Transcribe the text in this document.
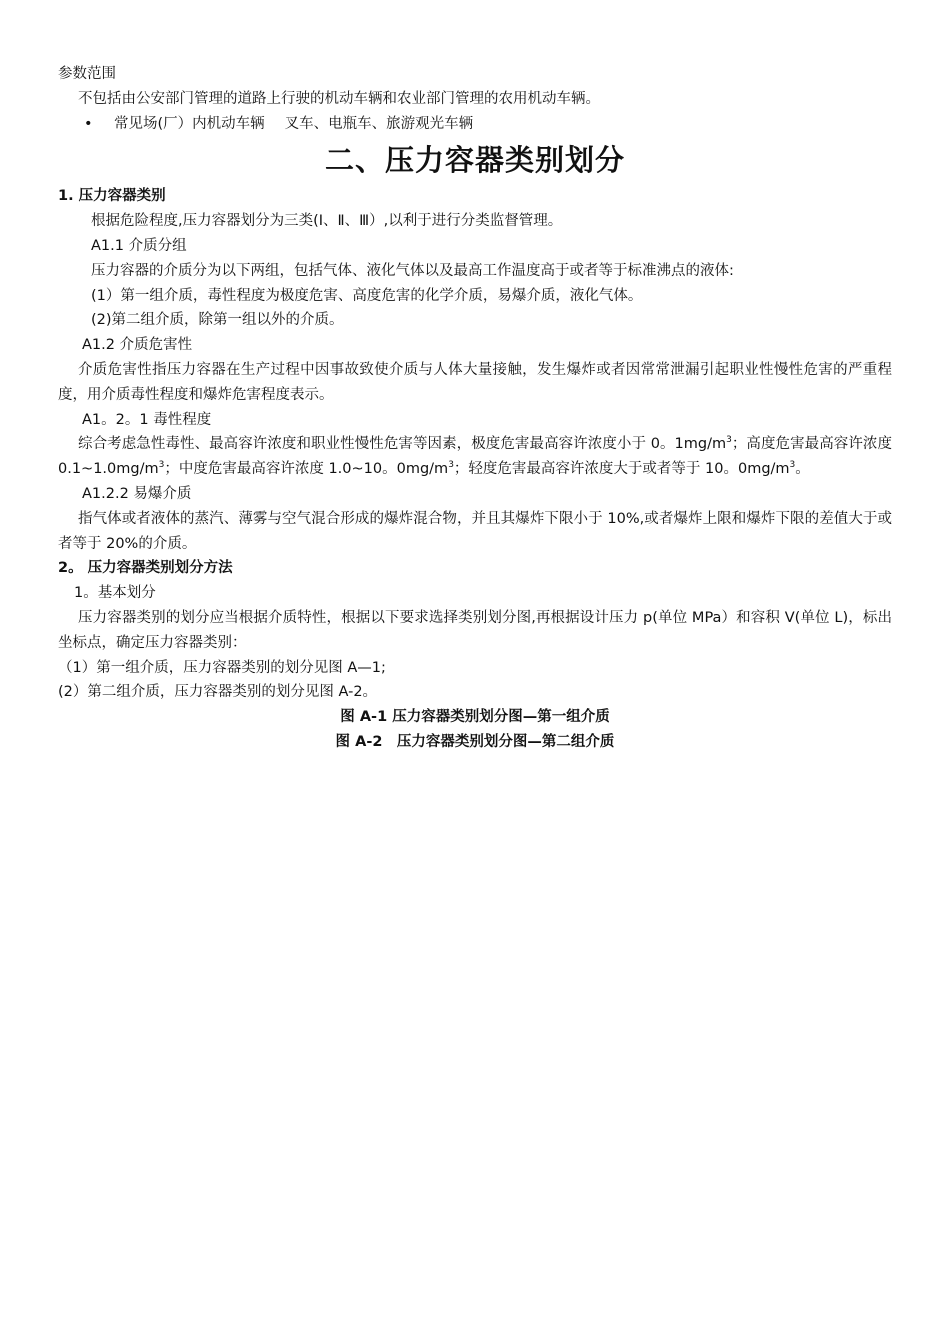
参数范围
不包括由公安部门管理的道路上行驶的机动车辆和农业部门管理的农用机动车辆。
• 常见场(厂）内机动车辆 叉车、电瓶车、旅游观光车辆
二、压力容器类别划分
1. 压力容器类别
根据危险程度,压力容器划分为三类(Ⅰ、Ⅱ、Ⅲ）,以利于进行分类监督管理。
A1.1 介质分组
压力容器的介质分为以下两组，包括气体、液化气体以及最高工作温度高于或者等于标准沸点的液体:
(1）第一组介质，毒性程度为极度危害、高度危害的化学介质，易爆介质，液化气体。
(2)第二组介质，除第一组以外的介质。
A1.2 介质危害性
介质危害性指压力容器在生产过程中因事故致使介质与人体大量接触，发生爆炸或者因常常泄漏引起职业性慢性危害的严重程度，用介质毒性程度和爆炸危害程度表示。
A1。2。1 毒性程度
综合考虑急性毒性、最高容许浓度和职业性慢性危害等因素，极度危害最高容许浓度小于 0。$1mg/m^3$；高度危害最高容许浓度 $0.1\sim 1.0mg/m^3$；中度危害最高容许浓度 1.0~10。$0mg/m^3$；轻度危害最高容许浓度大于或者等于 10。$0mg/m^3$。
A1.2.2 易爆介质
指气体或者液体的蒸汽、薄雾与空气混合形成的爆炸混合物，并且其爆炸下限小于 10%,或者爆炸上限和爆炸下限的差值大于或者等于 20%的介质。
2。 压力容器类别划分方法
1。基本划分
压力容器类别的划分应当根据介质特性，根据以下要求选择类别划分图,再根据设计压力 p(单位 MPa）和容积 V(单位 L)，标出坐标点，确定压力容器类别：
（1）第一组介质，压力容器类别的划分见图 A—1;
(2）第二组介质，压力容器类别的划分见图 A-2。
图 A-1 压力容器类别划分图—第一组介质
图 A-2　压力容器类别划分图—第二组介质
